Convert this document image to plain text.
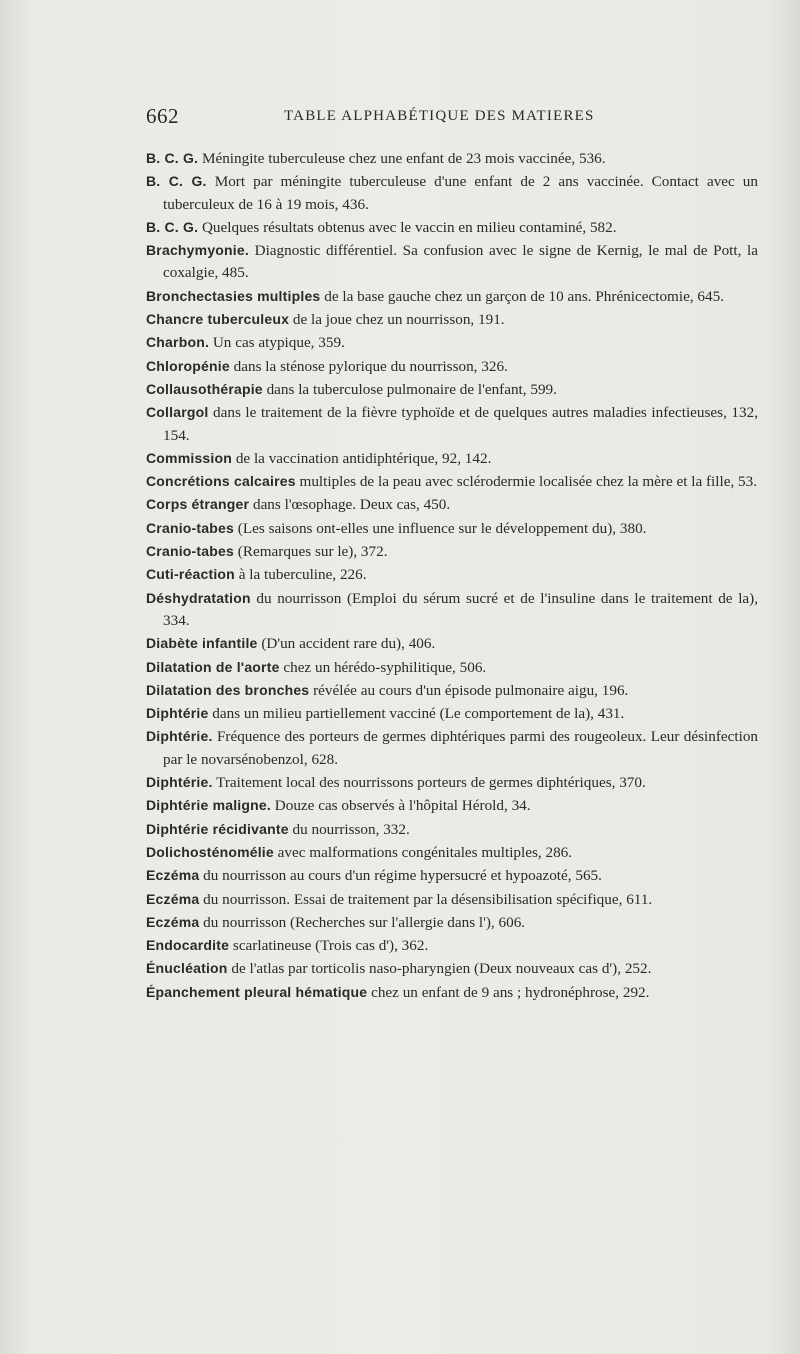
662	TABLE ALPHABÉTIQUE DES MATIERES
B. C. G. Méningite tuberculeuse chez une enfant de 23 mois vaccinée, 536.
B. C. G. Mort par méningite tuberculeuse d'une enfant de 2 ans vaccinée. Contact avec un tuberculeux de 16 à 19 mois, 436.
B. C. G. Quelques résultats obtenus avec le vaccin en milieu contaminé, 582.
Brachymyonie. Diagnostic différentiel. Sa confusion avec le signe de Kernig, le mal de Pott, la coxalgie, 485.
Bronchectasies multiples de la base gauche chez un garçon de 10 ans. Phrénicectomie, 645.
Chancre tuberculeux de la joue chez un nourrisson, 191.
Charbon. Un cas atypique, 359.
Chloropénie dans la sténose pylorique du nourrisson, 326.
Collausothérapie dans la tuberculose pulmonaire de l'enfant, 599.
Collargol dans le traitement de la fièvre typhoïde et de quelques autres maladies infectieuses, 132, 154.
Commission de la vaccination antidiphtérique, 92, 142.
Concrétions calcaires multiples de la peau avec sclérodermie localisée chez la mère et la fille, 53.
Corps étranger dans l'œsophage. Deux cas, 450.
Cranio-tabes (Les saisons ont-elles une influence sur le développement du), 380.
Cranio-tabes (Remarques sur le), 372.
Cuti-réaction à la tuberculine, 226.
Déshydratation du nourrisson (Emploi du sérum sucré et de l'insuline dans le traitement de la), 334.
Diabète infantile (D'un accident rare du), 406.
Dilatation de l'aorte chez un hérédo-syphilitique, 506.
Dilatation des bronches révélée au cours d'un épisode pulmonaire aigu, 196.
Diphtérie dans un milieu partiellement vacciné (Le comportement de la), 431.
Diphtérie. Fréquence des porteurs de germes diphtériques parmi des rougeoleux. Leur désinfection par le novarsénobenzol, 628.
Diphtérie. Traitement local des nourrissons porteurs de germes diphtériques, 370.
Diphtérie maligne. Douze cas observés à l'hôpital Hérold, 34.
Diphtérie récidivante du nourrisson, 332.
Dolichosténomélie avec malformations congénitales multiples, 286.
Eczéma du nourrisson au cours d'un régime hypersucré et hypoazoté, 565.
Eczéma du nourrisson. Essai de traitement par la désensibilisation spécifique, 611.
Eczéma du nourrisson (Recherches sur l'allergie dans l'), 606.
Endocardite scarlatineuse (Trois cas d'), 362.
Énucléation de l'atlas par torticolis naso-pharyngien (Deux nouveaux cas d'), 252.
Épanchement pleural hématique chez un enfant de 9 ans ; hydronéphrose, 292.
